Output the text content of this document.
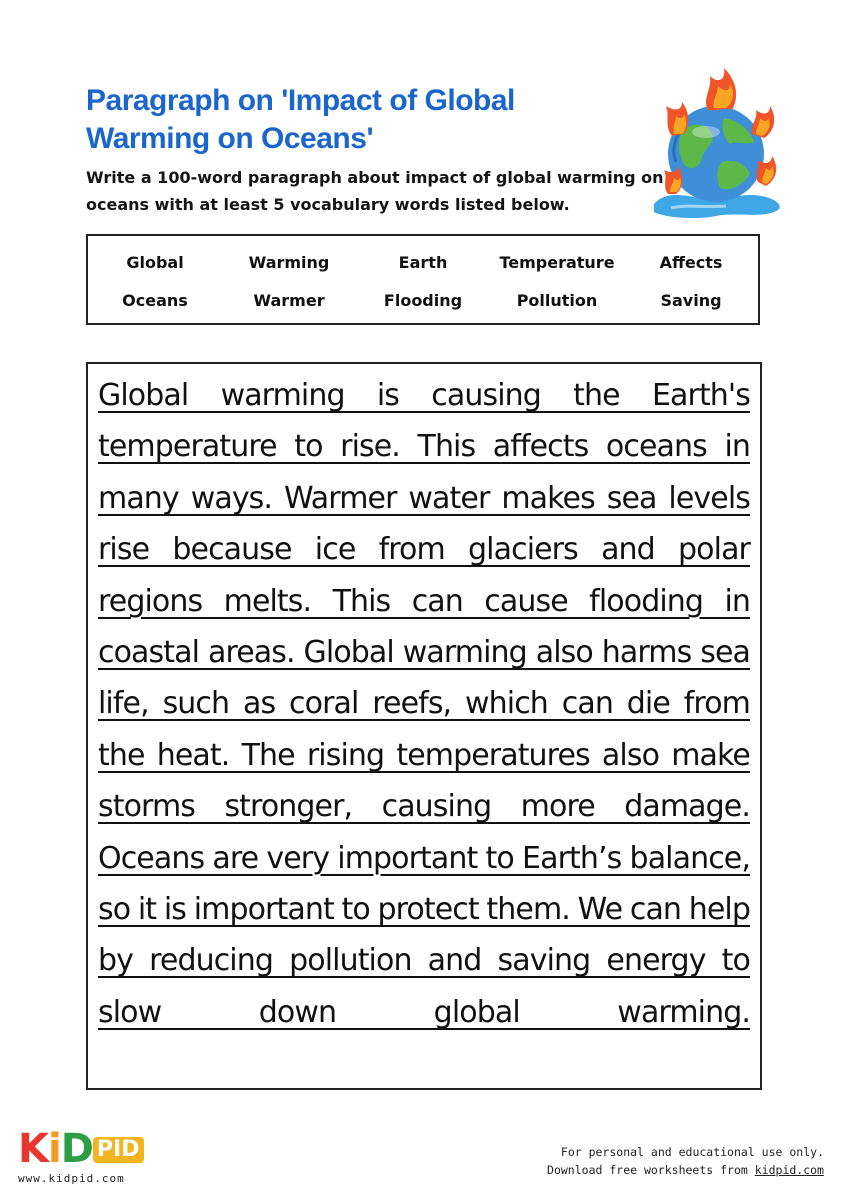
Paragraph on 'Impact of Global Warming on Oceans'
Write a 100-word paragraph about impact of global warming on oceans with at least 5 vocabulary words listed below.
Global	Warming	Earth	Temperature	Affects
Oceans	Warmer	Flooding	Pollution	Saving
Global warming is causing the Earth's temperature to rise. This affects oceans in many ways. Warmer water makes sea levels rise because ice from glaciers and polar regions melts. This can cause flooding in coastal areas. Global warming also harms sea life, such as coral reefs, which can die from the heat. The rising temperatures also make storms stronger, causing more damage. Oceans are very important to Earth’s balance, so it is important to protect them. We can help by reducing pollution and saving energy to slow down global warming.
KiD PID
www.kidpid.com
For personal and educational use only.
Download free worksheets from kidpid.com
